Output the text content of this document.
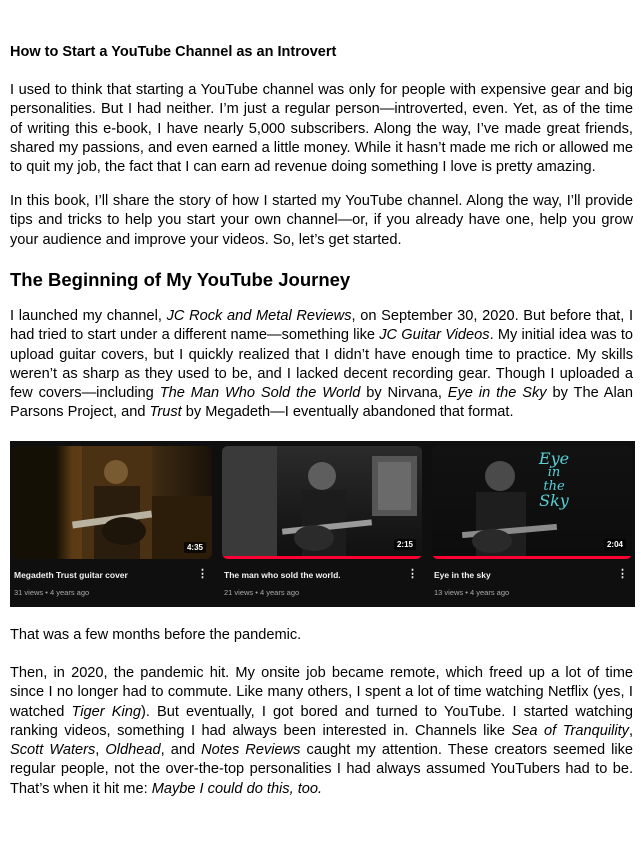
How to Start a YouTube Channel as an Introvert

I used to think that starting a YouTube channel was only for people with expensive gear and big personalities. But I had neither. I’m just a regular person—introverted, even. Yet, as of the time of writing this e-book, I have nearly 5,000 subscribers. Along the way, I’ve made great friends, shared my passions, and even earned a little money. While it hasn’t made me rich or allowed me to quit my job, the fact that I can earn ad revenue doing something I love is pretty amazing.

In this book, I’ll share the story of how I started my YouTube channel. Along the way, I’ll provide tips and tricks to help you start your own channel—or, if you already have one, help you grow your audience and improve your videos. So, let’s get started.

The Beginning of My YouTube Journey

I launched my channel, JC Rock and Metal Reviews, on September 30, 2020. But before that, I had tried to start under a different name—something like JC Guitar Videos. My initial idea was to upload guitar covers, but I quickly realized that I didn’t have enough time to practice. My skills weren’t as sharp as they used to be, and I lacked decent recording gear. Though I uploaded a few covers—including The Man Who Sold the World by Nirvana, Eye in the Sky by The Alan Parsons Project, and Trust by Megadeth—I eventually abandoned that format.

4:35
Megadeth Trust guitar cover	⋮
31 views • 4 years ago
2:15
The man who sold the world.	⋮
21 views • 4 years ago
Eye
in
the
Sky
2:04
Eye in the sky	⋮
13 views • 4 years ago

That was a few months before the pandemic.

Then, in 2020, the pandemic hit. My onsite job became remote, which freed up a lot of time since I no longer had to commute. Like many others, I spent a lot of time watching Netflix (yes, I watched Tiger King). But eventually, I got bored and turned to YouTube. I started watching ranking videos, something I had always been interested in. Channels like Sea of Tranquility, Scott Waters, Oldhead, and Notes Reviews caught my attention. These creators seemed like regular people, not the over-the-top personalities I had always assumed YouTubers had to be. That’s when it hit me: Maybe I could do this, too.
